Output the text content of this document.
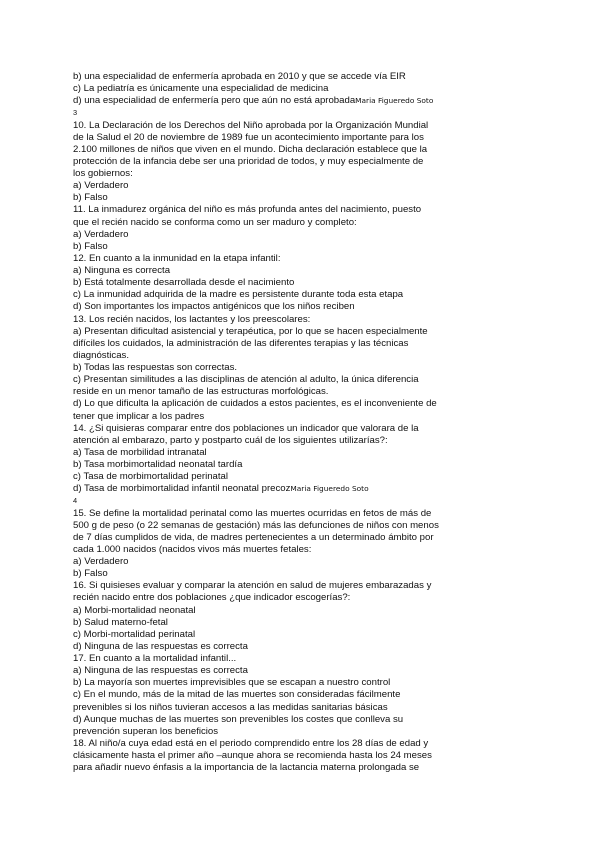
b) una especialidad de enfermería aprobada en 2010 y que se accede vía EIR
c) La pediatría es únicamente una especialidad de medicina
d) una especialidad de enfermería pero que aún no está aprobadaMaria Figueredo Soto
3
10. La Declaración de los Derechos del Niño aprobada por la Organización Mundial
de la Salud el 20 de noviembre de 1989 fue un acontecimiento importante para los
2.100 millones de niños que viven en el mundo. Dicha declaración establece que la
protección de la infancia debe ser una prioridad de todos, y muy especialmente de
los gobiernos:
a) Verdadero
b) Falso
11. La inmadurez orgánica del niño es más profunda antes del nacimiento, puesto
que el recién nacido se conforma como un ser maduro y completo:
a) Verdadero
b) Falso
12. En cuanto a la inmunidad en la etapa infantil:
a) Ninguna es correcta
b) Está totalmente desarrollada desde el nacimiento
c) La inmunidad adquirida de la madre es persistente durante toda esta etapa
d) Son importantes los impactos antigénicos que los niños reciben
13. Los recién nacidos, los lactantes y los preescolares:
a) Presentan dificultad asistencial y terapéutica, por lo que se hacen especialmente
difíciles los cuidados, la administración de las diferentes terapias y las técnicas
diagnósticas.
b) Todas las respuestas son correctas.
c) Presentan similitudes a las disciplinas de atención al adulto, la única diferencia
reside en un menor tamaño de las estructuras morfológicas.
d) Lo que dificulta la aplicación de cuidados a estos pacientes, es el inconveniente de
tener que implicar a los padres
14. ¿Si quisieras comparar entre dos poblaciones un indicador que valorara de la
atención al embarazo, parto y postparto cuál de los siguientes utilizarías?:
a) Tasa de morbilidad intranatal
b) Tasa morbimortalidad neonatal tardía
c) Tasa de morbimortalidad perinatal
d) Tasa de morbimortalidad infantil neonatal precozMaria Figueredo Soto
4
15. Se define la mortalidad perinatal como las muertes ocurridas en fetos de más de
500 g de peso (o 22 semanas de gestación) más las defunciones de niños con menos
de 7 días cumplidos de vida, de madres pertenecientes a un determinado ámbito por
cada 1.000 nacidos (nacidos vivos más muertes fetales:
a) Verdadero
b) Falso
16. Si quisieses evaluar y comparar la atención en salud de mujeres embarazadas y
recién nacido entre dos poblaciones ¿que indicador escogerías?:
a) Morbi-mortalidad neonatal
b) Salud materno-fetal
c) Morbi-mortalidad perinatal
d) Ninguna de las respuestas es correcta
17. En cuanto a la mortalidad infantil...
a) Ninguna de las respuestas es correcta
b) La mayoría son muertes imprevisibles que se escapan a nuestro control
c) En el mundo, más de la mitad de las muertes son consideradas fácilmente
prevenibles si los niños tuvieran accesos a las medidas sanitarias básicas
d) Aunque muchas de las muertes son prevenibles los costes que conlleva su
prevención superan los beneficios
18. Al niño/a cuya edad está en el periodo comprendido entre los 28 días de edad y
clásicamente hasta el primer año –aunque ahora se recomienda hasta los 24 meses
para añadir nuevo énfasis a la importancia de la lactancia materna prolongada se
